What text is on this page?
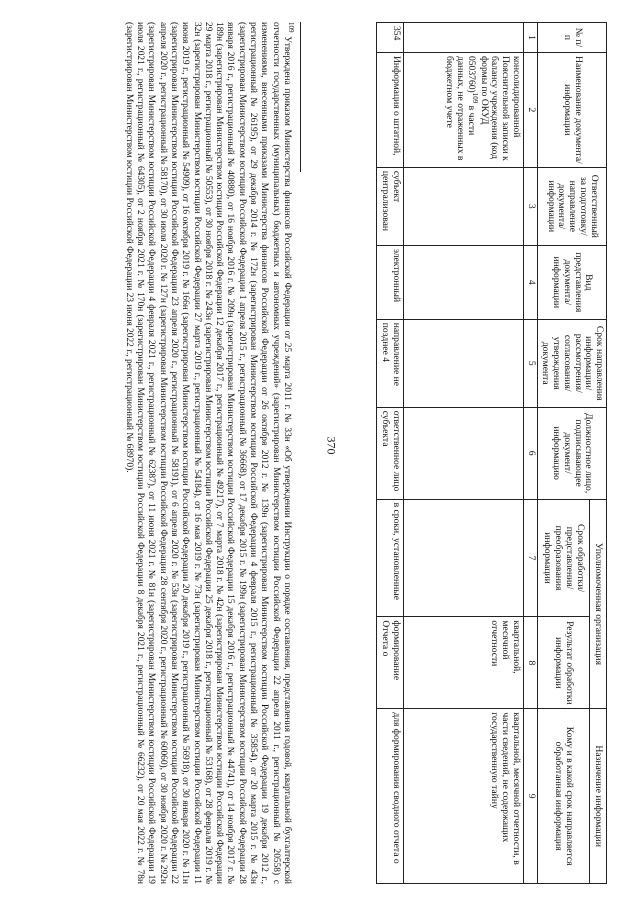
370
№ п/п	Наименование документа/ информации	Ответственный за подготовку/ направление документа/ информации	Вид представления документа/ информации	Срок направления информации/ рассмотрения/ согласования/ утверждения документа	Должностное лицо, подписывающее документ/ информацию	Уполномоченная организация		Назначение информации
						Срок обработки/ представления/ преобразования информации	Результат обработки информации	Кому и в какой срок направляется обработанная информация
1	2	3	4	5	6	7	8	9
	консолидированной Пояснительной записки к балансу учреждения (код формы по ОКУД 0503760)$^{109}$ в части данных, не отраженных в бюджетном учете						квартальной, месячной отчетности	квартальной, месячной отчетности, в части сведений, не содержащих государственную тайну
354	Информация о штатной,	субъект централизован	электронный	направление не позднее 4	ответственное лицо субъекта	в сроки, установленные	формирование Отчета о	для формирования сводного отчета о
$^{109}$ Утверждена приказом Министерства финансов Российской Федерации от 25 марта 2011 г. № 33н «Об утверждении Инструкции о порядке составления, представления годовой, квартальной бухгалтерской отчетности государственных (муниципальных) бюджетных и автономных учреждений» (зарегистрирован Министерством юстиции Российской Федерации 22 апреля 2011 г., регистрационный № 20558) с изменениями, внесенными приказами Министерства финансов Российской Федерации от 26 октября 2012 г. № 139н (зарегистрирован Министерством юстиции Российской Федерации 19 декабря 2012 г., регистрационный № 26195), от 29 декабря 2014 г. № 172н (зарегистрирован Министерством юстиции Российской Федерации 4 февраля 2015 г., регистрационный № 35854), от 20 марта 2015 г. № 43н (зарегистрирован Министерством юстиции Российской Федерации 1 апреля 2015 г., регистрационный № 36668), от 17 декабря 2015 г. № 199н (зарегистрирован Министерством юстиции Российской Федерации 28 января 2016 г., регистрационный № 40880), от 16 ноября 2016 г. № 209н (зарегистрирован Министерством юстиции Российской Федерации 15 декабря 2016 г., регистрационный № 44741), от 14 ноября 2017 г. № 189н (зарегистрирован Министерством юстиции Российской Федерации 12 декабря 2017 г., регистрационный № 49217), от 7 марта 2018 г. № 42н (зарегистрирован Министерством юстиции Российской Федерации 29 марта 2018 г., регистрационный № 50553), от 30 ноября 2018 г. № 243н (зарегистрирован Министерством юстиции Российской Федерации 25 декабря 2018 г., регистрационный № 53168), от 28 февраля 2019 г. № 32н (зарегистрирован Министерством юстиции Российской Федерации 27 марта 2019 г., регистрационный № 54184), от 16 мая 2019 г. № 73н (зарегистрирован Министерством юстиции Российской Федерации 11 июня 2019 г., регистрационный № 54909), от 16 октября 2019 г. № 166н (зарегистрирован Министерством юстиции Российской Федерации 20 декабря 2019 г., регистрационный № 56918), от 30 января 2020 г. № 11н (зарегистрирован Министерством юстиции Российской Федерации 23 апреля 2020 г., регистрационный № 58191), от 6 апреля 2020 г. № 53н (зарегистрирован Министерством юстиции Российской Федерации 22 апреля 2020 г., регистрационный № 58170), от 30 июля 2020 г. № 127н (зарегистрирован Министерством юстиции Российской Федерации 28 сентября 2020 г., регистрационный № 60060), от 30 ноября 2020 г. № 292н (зарегистрирован Министерством юстиции Российской Федерации 4 февраля 2021 г., регистрационный № 62387), от 11 июня 2021 г. № 81н (зарегистрирован Министерством юстиции Российской Федерации 19 июля 2021 г., регистрационный № 64305), от 2 ноября 2021 г. № 170н (зарегистрирован Министерством юстиции Российской Федерации 8 декабря 2021 г., регистрационный № 66232), от 20 мая 2022 г. № 78н (зарегистрирован Министерством юстиции Российской Федерации 23 июня 2022 г., регистрационный № 68970).
